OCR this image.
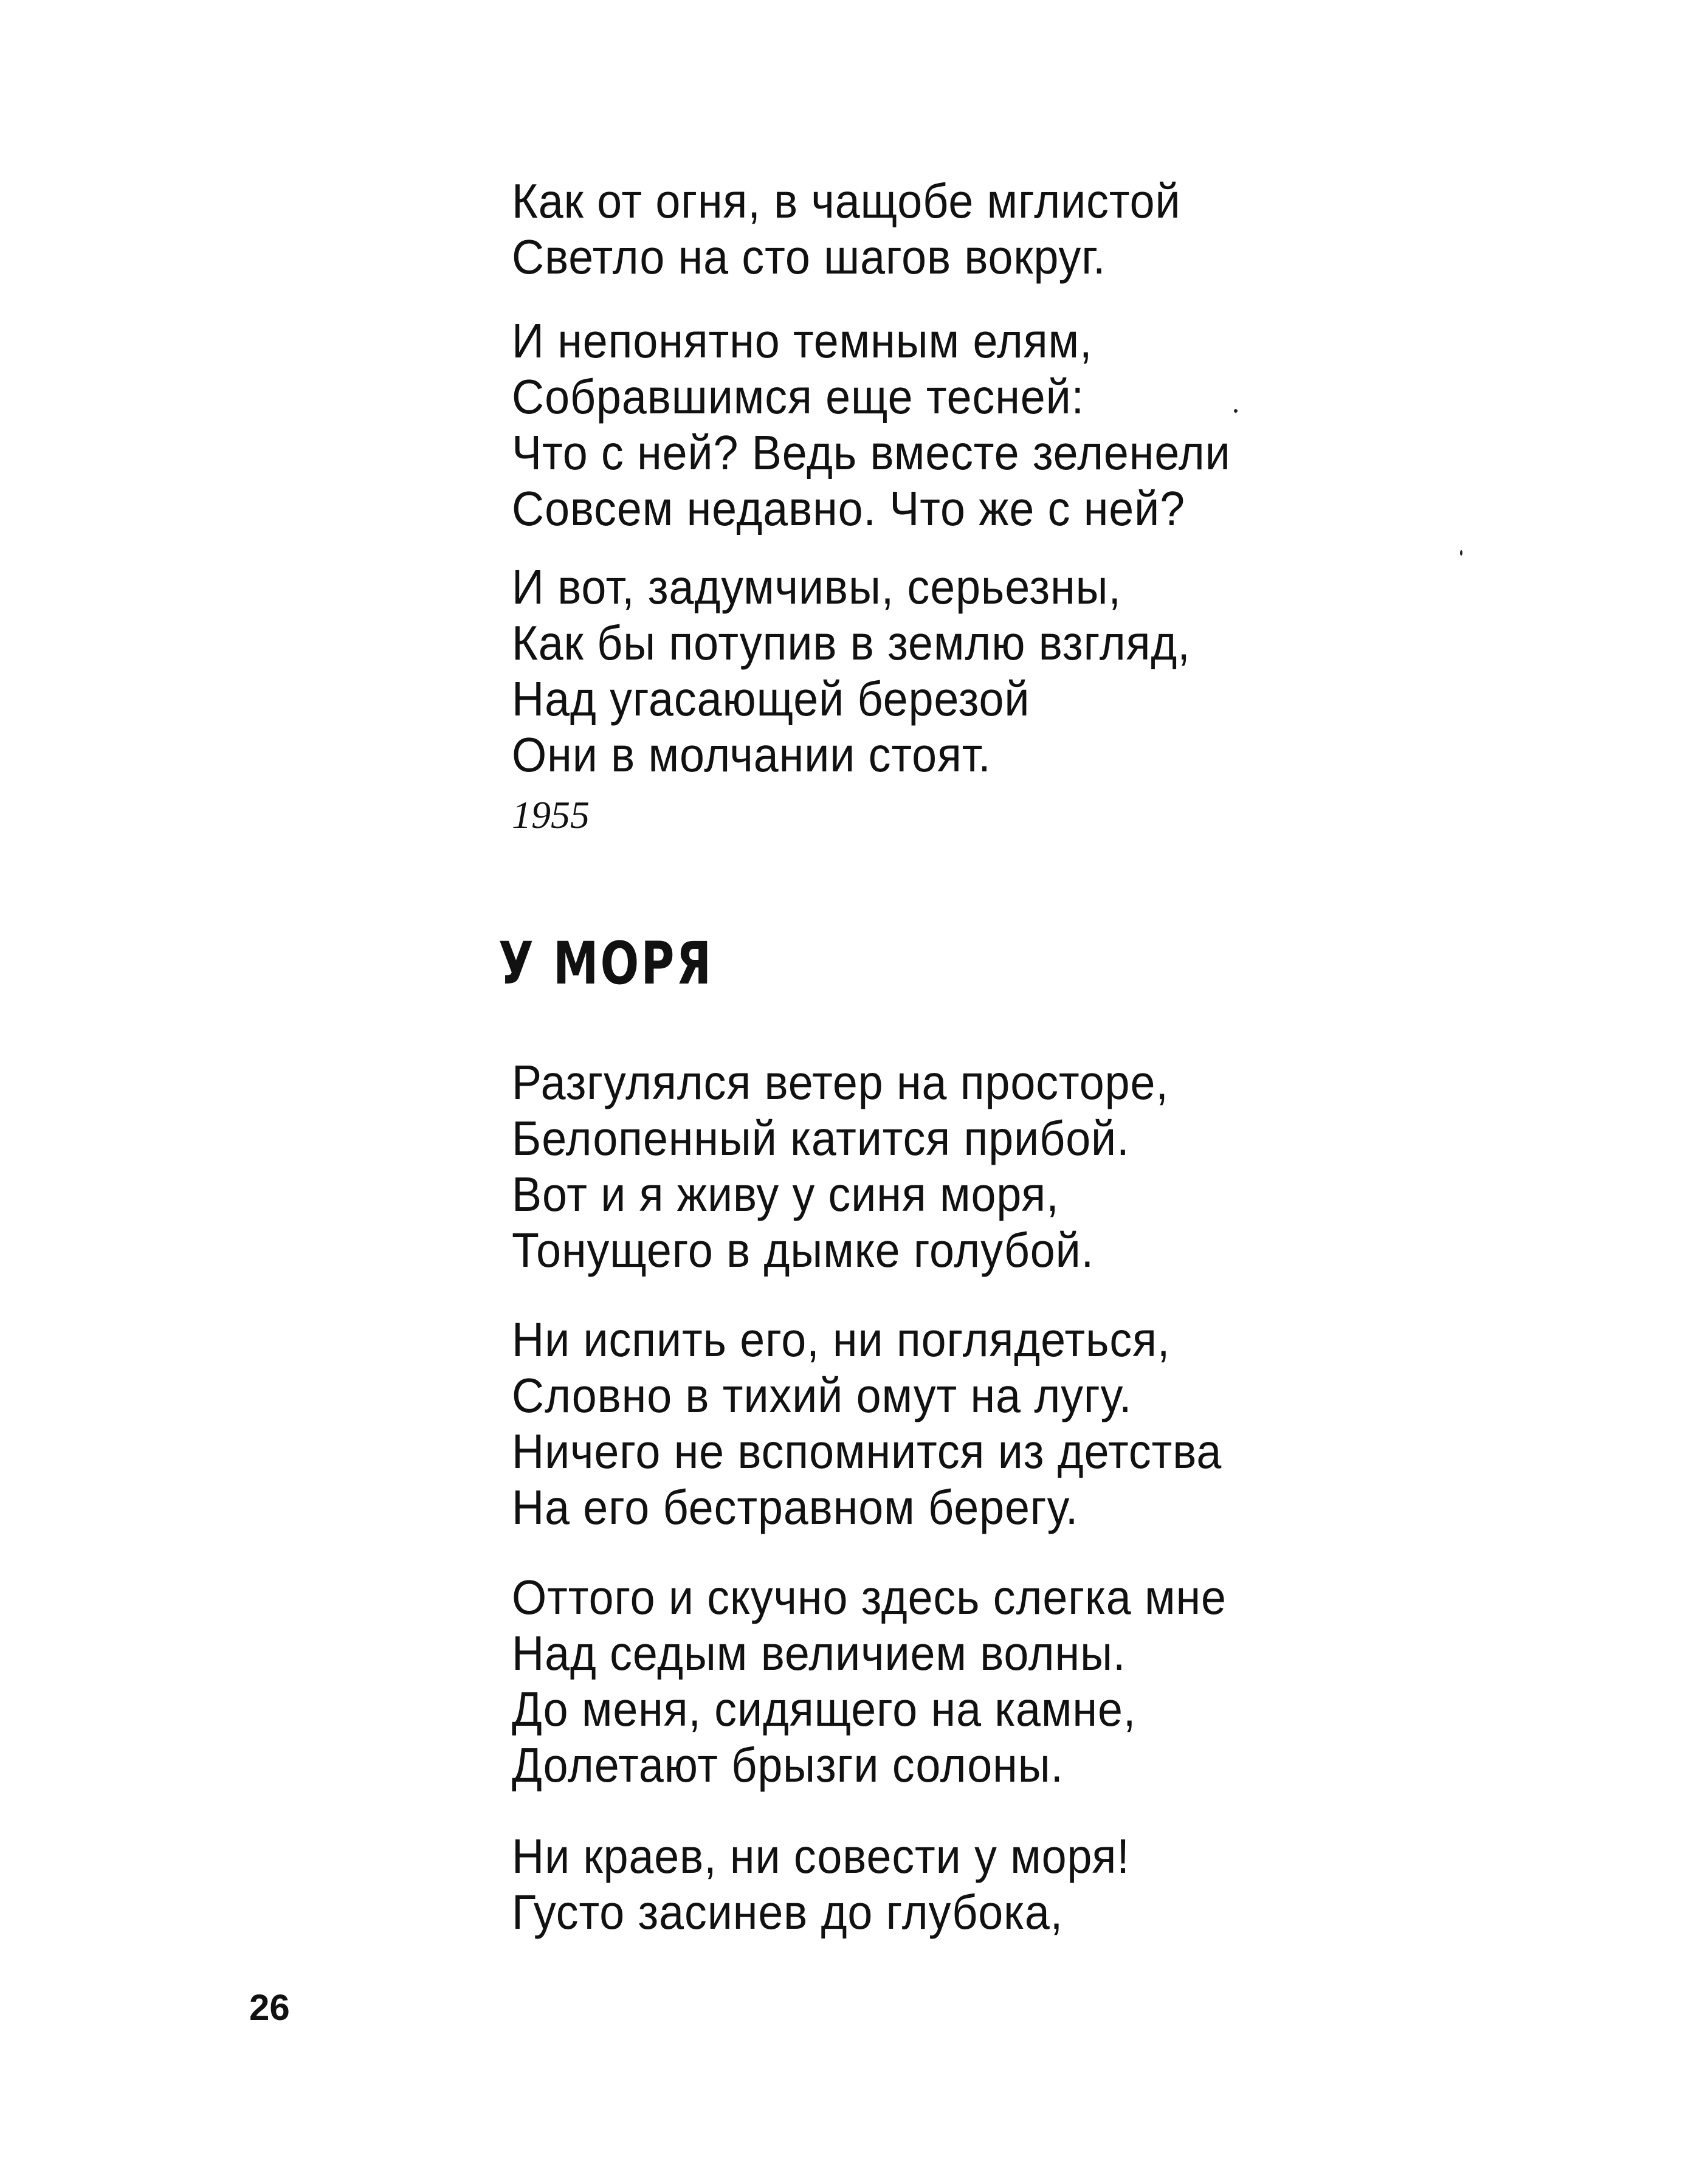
Как от огня, в чащобе мглистой
Светло на сто шагов вокруг.
И непонятно темным елям,
Собравшимся еще тесней:
Что с ней? Ведь вместе зеленели
Совсем недавно. Что же с ней?
И вот, задумчивы, серьезны,
Как бы потупив в землю взгляд,
Над угасающей березой
Они в молчании стоят.
1955
У МОРЯ
Разгулялся ветер на просторе,
Белопенный катится прибой.
Вот и я живу у синя моря,
Тонущего в дымке голубой.
Ни испить его, ни поглядеться,
Словно в тихий омут на лугу.
Ничего не вспомнится из детства
На его бестравном берегу.
Оттого и скучно здесь слегка мне
Над седым величием волны.
До меня, сидящего на камне,
Долетают брызги солоны.
Ни краев, ни совести у моря!
Густо засинев до глубока,
26
